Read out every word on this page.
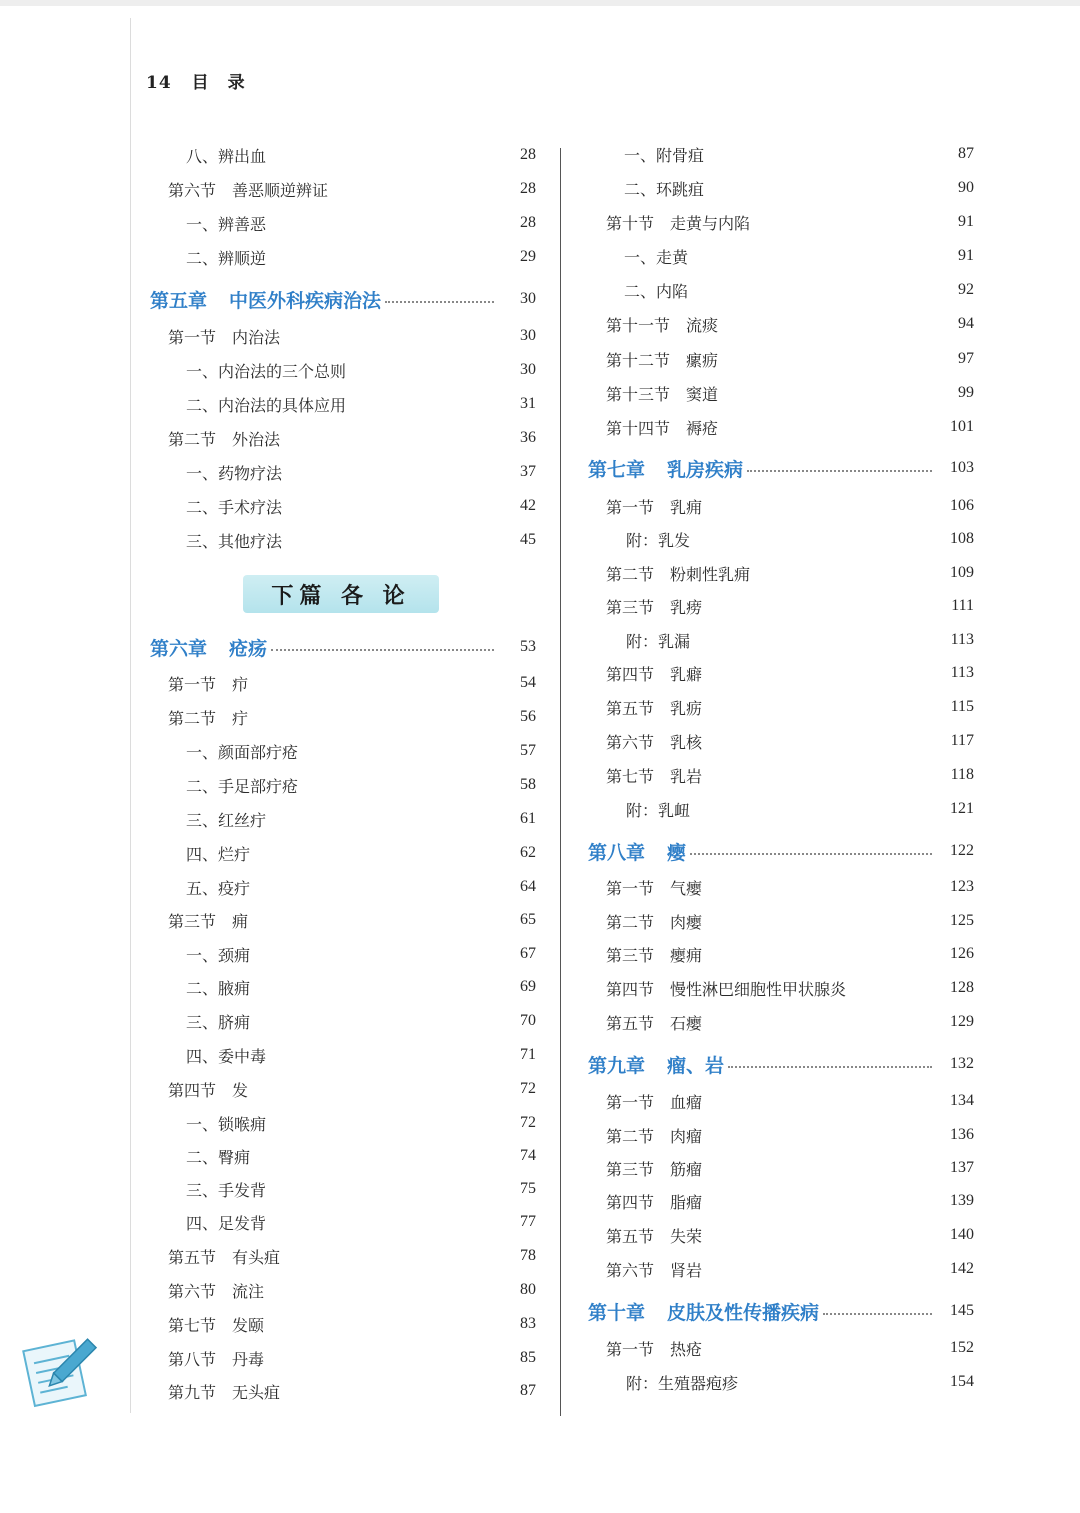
14 目 录
八、辨出血	28
第六节　善恶顺逆辨证	28
一、辨善恶	28
二、辨顺逆	29
第五章 中医外科疾病治法	30
第一节　内治法	30
一、内治法的三个总则	30
二、内治法的具体应用	31
第二节　外治法	36
一、药物疗法	37
二、手术疗法	42
三、其他疗法	45
第六章 疮疡	53
第一节　疖	54
第二节　疔	56
一、颜面部疔疮	57
二、手足部疔疮	58
三、红丝疔	61
四、烂疔	62
五、疫疔	64
第三节　痈	65
一、颈痈	67
二、腋痈	69
三、脐痈	70
四、委中毒	71
第四节　发	72
一、锁喉痈	72
二、臀痈	74
三、手发背	75
四、足发背	77
第五节　有头疽	78
第六节　流注	80
第七节　发颐	83
第八节　丹毒	85
第九节　无头疽	87
一、附骨疽	87
二、环跳疽	90
第十节　走黄与内陷	91
一、走黄	91
二、内陷	92
第十一节　流痰	94
第十二节　瘰疬	97
第十三节　窦道	99
第十四节　褥疮	101
第七章 乳房疾病	103
第一节　乳痈	106
附：乳发	108
第二节　粉刺性乳痈	109
第三节　乳痨	111
附：乳漏	113
第四节　乳癖	113
第五节　乳疬	115
第六节　乳核	117
第七节　乳岩	118
附：乳衄	121
第八章 瘿	122
第一节　气瘿	123
第二节　肉瘿	125
第三节　瘿痈	126
第四节　慢性淋巴细胞性甲状腺炎	128
第五节　石瘿	129
第九章 瘤、岩	132
第一节　血瘤	134
第二节　肉瘤	136
第三节　筋瘤	137
第四节　脂瘤	139
第五节　失荣	140
第六节　肾岩	142
第十章 皮肤及性传播疾病	145
第一节　热疮	152
附：生殖器疱疹	154
下篇 各 论
